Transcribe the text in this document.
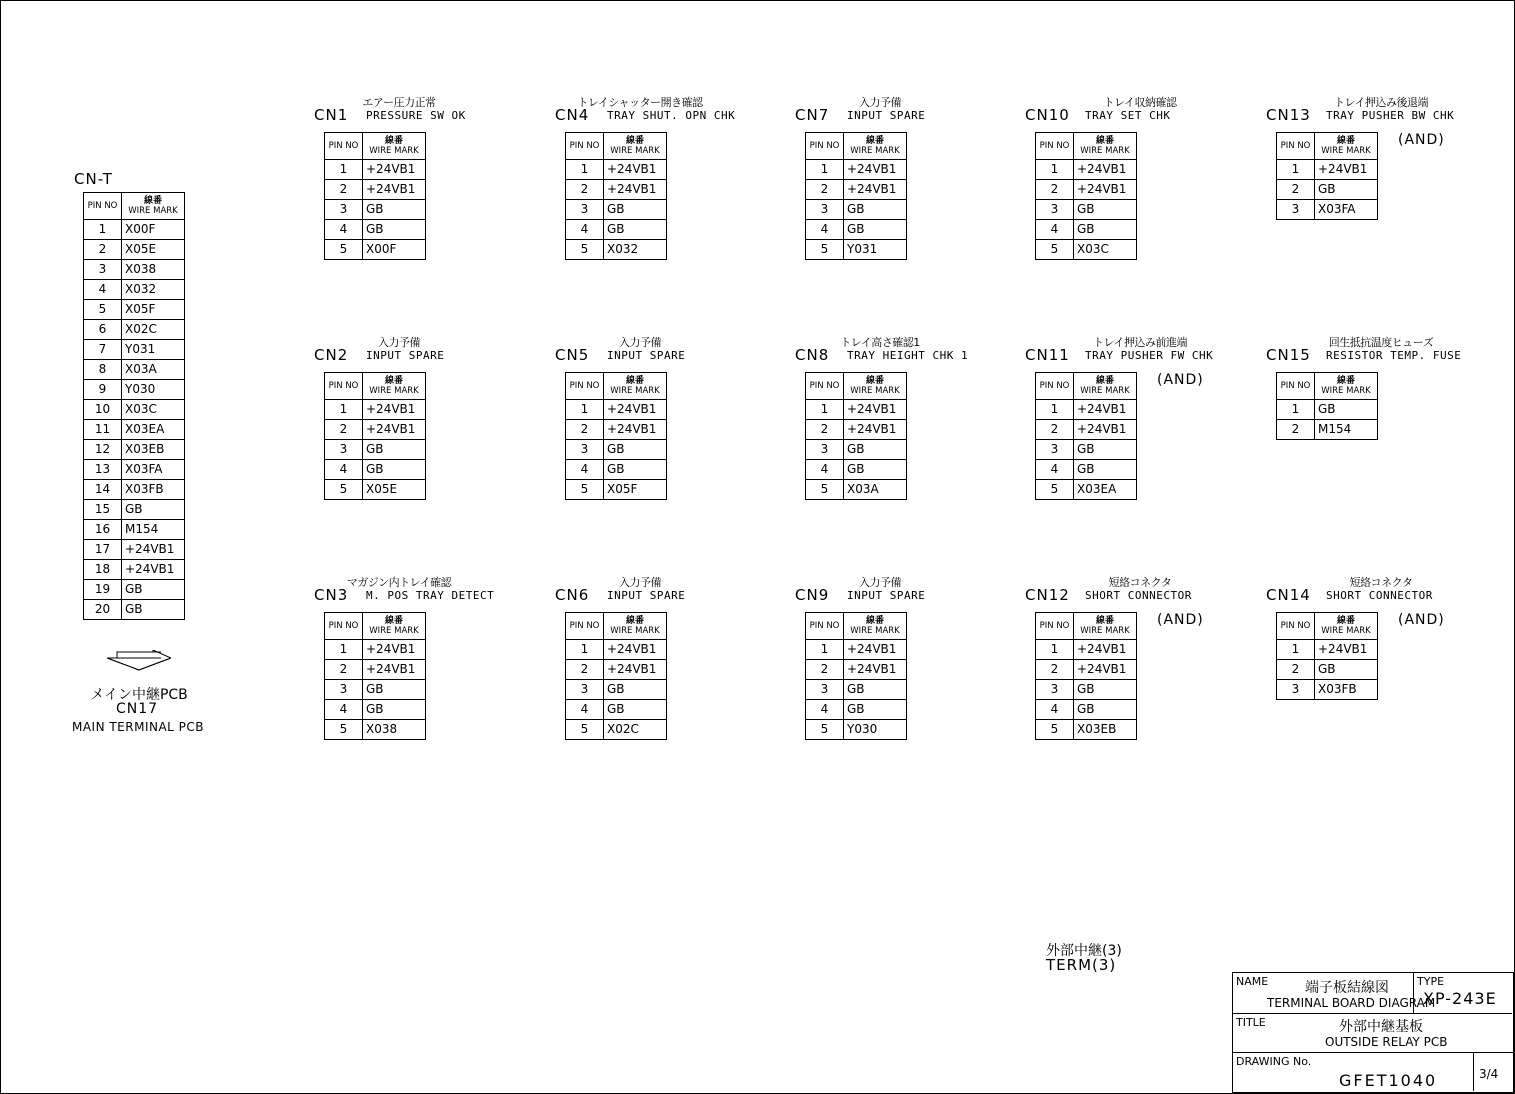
CN-T
PIN NO	線番
WIRE MARK
1	X00F
2	X05E
3	X038
4	X032
5	X05F
6	X02C
7	Y031
8	X03A
9	Y030
10	X03C
11	X03EA
12	X03EB
13	X03FA
14	X03FB
15	GB
16	M154
17	+24VB1
18	+24VB1
19	GB
20	GB
メイン中継PCB
CN17
MAIN TERMINAL PCB
エアー圧力正常
CN1 PRESSURE SW OK
PIN NO	線番
WIRE MARK
1	+24VB1
2	+24VB1
3	GB
4	GB
5	X00F
トレイシャッター開き確認
CN4 TRAY SHUT. OPN CHK
PIN NO	線番
WIRE MARK
1	+24VB1
2	+24VB1
3	GB
4	GB
5	X032
入力予備
CN7 INPUT SPARE
PIN NO	線番
WIRE MARK
1	+24VB1
2	+24VB1
3	GB
4	GB
5	Y031
トレイ収納確認
CN10 TRAY SET CHK
PIN NO	線番
WIRE MARK
1	+24VB1
2	+24VB1
3	GB
4	GB
5	X03C
トレイ押込み後退端
CN13 TRAY PUSHER BW CHK
PIN NO	線番
WIRE MARK
1	+24VB1
2	GB
3	X03FA
(AND)
入力予備
CN2 INPUT SPARE
PIN NO	線番
WIRE MARK
1	+24VB1
2	+24VB1
3	GB
4	GB
5	X05E
入力予備
CN5 INPUT SPARE
PIN NO	線番
WIRE MARK
1	+24VB1
2	+24VB1
3	GB
4	GB
5	X05F
トレイ高さ確認1
CN8 TRAY HEIGHT CHK 1
PIN NO	線番
WIRE MARK
1	+24VB1
2	+24VB1
3	GB
4	GB
5	X03A
トレイ押込み前進端
CN11 TRAY PUSHER FW CHK
PIN NO	線番
WIRE MARK
1	+24VB1
2	+24VB1
3	GB
4	GB
5	X03EA
(AND)
回生抵抗温度ヒューズ
CN15 RESISTOR TEMP. FUSE
PIN NO	線番
WIRE MARK
1	GB
2	M154
マガジン内トレイ確認
CN3 M. POS TRAY DETECT
PIN NO	線番
WIRE MARK
1	+24VB1
2	+24VB1
3	GB
4	GB
5	X038
入力予備
CN6 INPUT SPARE
PIN NO	線番
WIRE MARK
1	+24VB1
2	+24VB1
3	GB
4	GB
5	X02C
入力予備
CN9 INPUT SPARE
PIN NO	線番
WIRE MARK
1	+24VB1
2	+24VB1
3	GB
4	GB
5	Y030
短絡コネクタ
CN12 SHORT CONNECTOR
PIN NO	線番
WIRE MARK
1	+24VB1
2	+24VB1
3	GB
4	GB
5	X03EB
(AND)
短絡コネクタ
CN14 SHORT CONNECTOR
PIN NO	線番
WIRE MARK
1	+24VB1
2	GB
3	X03FB
(AND)
外部中継(3)
TERM(3)
NAME	端子板結線図
TERMINAL BOARD DIAGRAM
TYPE
XP-243E
TITLE	外部中継基板
OUTSIDE RELAY PCB
DRAWING No.
GFET1040	3/4
